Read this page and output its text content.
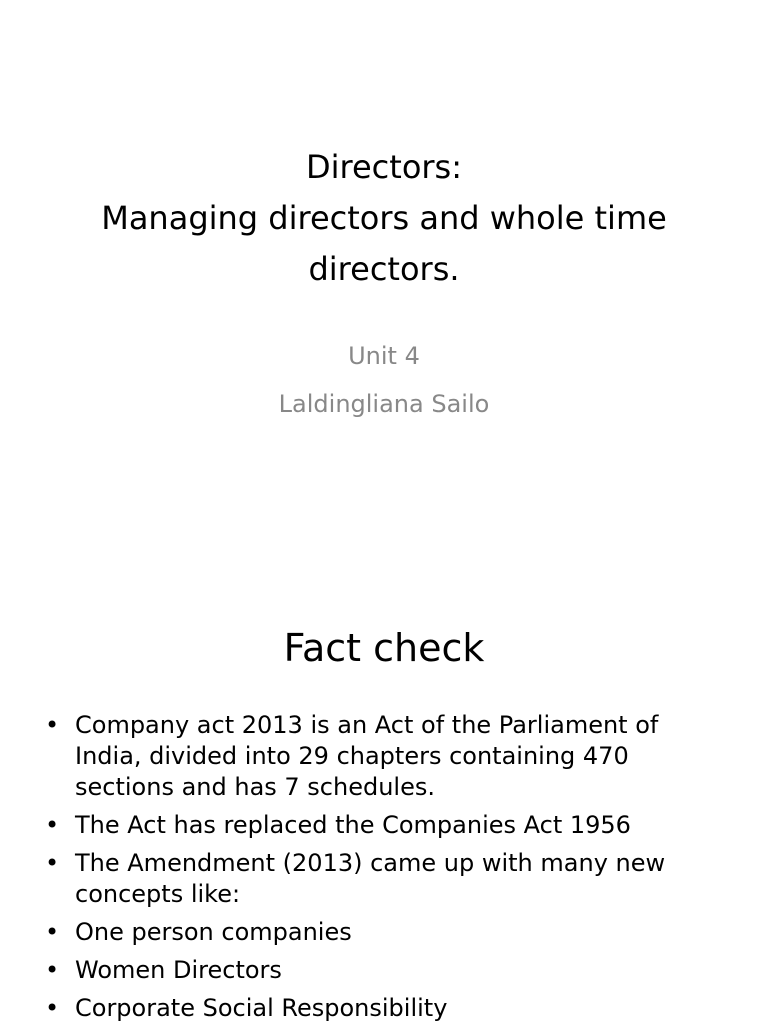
Directors:
Managing directors and whole time
directors.
Unit 4
Laldingliana Sailo
Fact check
• Company act 2013 is an Act of the Parliament of
India, divided into 29 chapters containing 470
sections and has 7 schedules.
• The Act has replaced the Companies Act 1956
• The Amendment (2013) came up with many new
concepts like:
• One person companies
• Women Directors
• Corporate Social Responsibility
